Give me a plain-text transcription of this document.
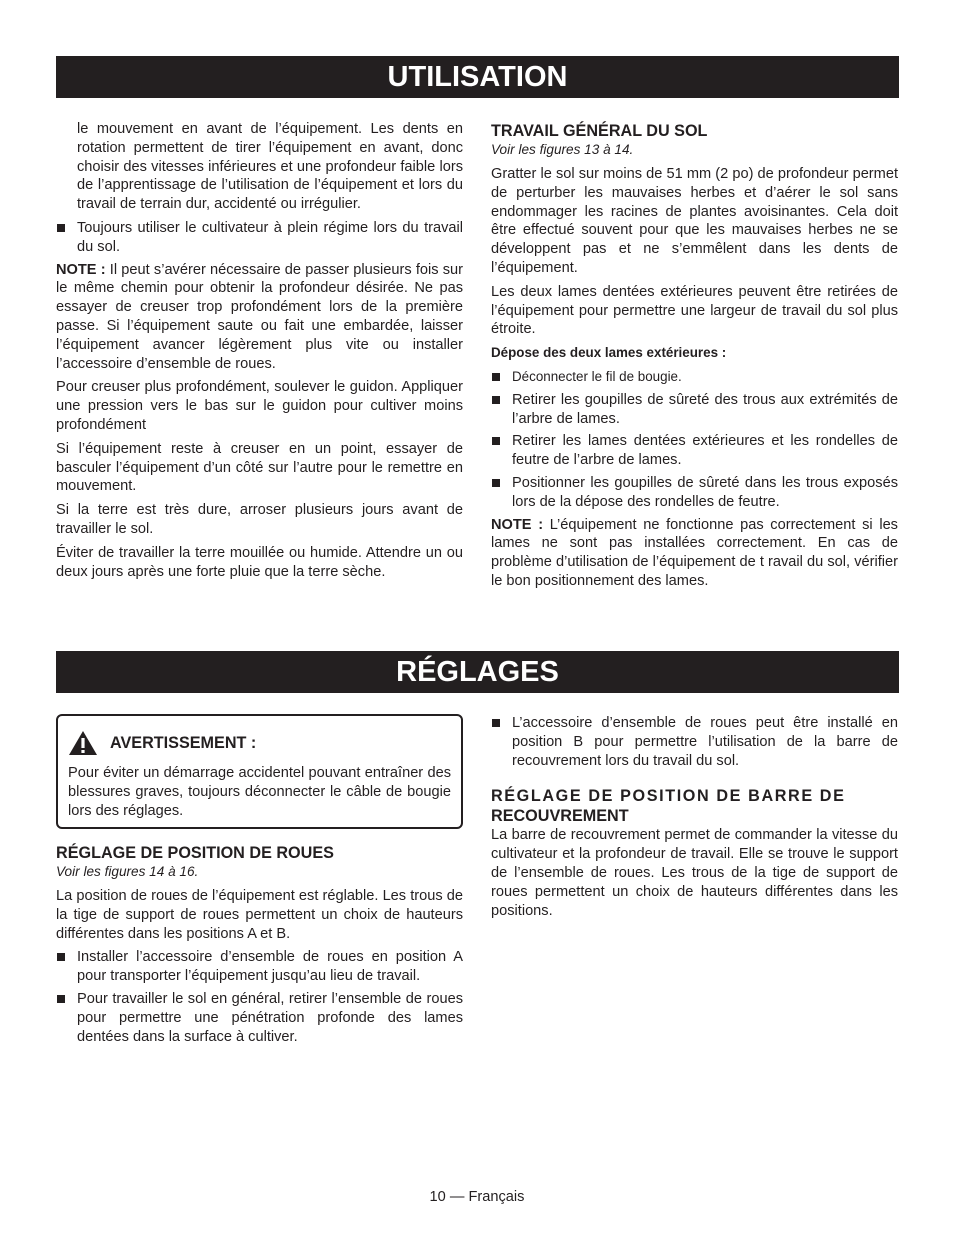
UTILISATION

le mouvement en avant de l’équipement. Les dents en rotation permettent de tirer l’équipement en avant, donc choisir des vitesses inférieures et une profondeur faible lors de l’apprentissage de l’utilisation de l’équipement et lors du travail de terrain dur, accidenté ou irrégulier.

Toujours utiliser le cultivateur à plein régime lors du travail du sol.

NOTE : Il peut s’avérer nécessaire de passer plusieurs fois sur le même chemin pour obtenir la profondeur désirée. Ne pas essayer de creuser trop profondément lors de la première passe. Si l’équipement saute ou fait une embardée, laisser l’équipement avancer légèrement plus vite ou installer l’accessoire d’ensemble de roues.

Pour creuser plus profondément, soulever le guidon. Appliquer une pression vers le bas sur le guidon pour cultiver moins profondément

Si l’équipement reste à creuser en un point, essayer de basculer l’équipement d’un côté sur l’autre pour le remettre en mouvement.

Si la terre est très dure, arroser plusieurs jours avant de travailler le sol.

Éviter de travailler la terre mouillée ou humide. Attendre un ou deux jours après une forte pluie que la terre sèche.

TRAVAIL GÉNÉRAL DU SOL
Voir les figures 13 à 14.

Gratter le sol sur moins de 51 mm (2 po) de profondeur permet de perturber les mauvaises herbes et d’aérer le sol sans endommager les racines de plantes avoisinantes. Cela doit être effectué souvent pour que les mauvaises herbes ne se développent pas et ne s’emmêlent dans les dents de l’équipement.

Les deux lames dentées extérieures peuvent être retirées de l’équipement pour permettre une largeur de travail du sol plus étroite.

Dépose des deux lames extérieures :
Déconnecter le fil de bougie.
Retirer les goupilles de sûreté des trous aux extrémités de l’arbre de lames.
Retirer les lames dentées extérieures et les rondelles de feutre de l’arbre de lames.
Positionner les goupilles de sûreté dans les trous exposés lors de la dépose des rondelles de feutre.

NOTE : L’équipement ne fonctionne pas correctement si les lames ne sont pas installées correctement. En cas de problème d’utilisation de l’équipement de t ravail du sol, vérifier le bon positionnement des lames.

RÉGLAGES
AVERTISSEMENT :

Pour éviter un démarrage accidentel pouvant entraîner des blessures graves, toujours déconnecter le câble de bougie lors des réglages.

RÉGLAGE DE POSITION DE ROUES
Voir les figures 14 à 16.

La position de roues de l’équipement est réglable. Les trous de la tige de support de roues permettent un choix de hauteurs différentes dans les positions A et B.

Installer l’accessoire d’ensemble de roues en position A pour transporter l’équipement jusqu’au lieu de travail.
Pour travailler le sol en général, retirer l’ensemble de roues pour permettre une pénétration profonde des lames dentées dans la surface à cultiver.
L’accessoire d’ensemble de roues peut être installé en position B pour permettre l’utilisation de la barre de recouvrement lors du travail du sol.
RÉGLAGE DE POSITION DE BARRE DE
RECOUVREMENT

La barre de recouvrement permet de commander la vitesse du cultivateur et la profondeur de travail. Elle se trouve le support de l’ensemble de roues. Les trous de la tige de support de roues permettent un choix de hauteurs différentes dans les positions.

10 — Français
